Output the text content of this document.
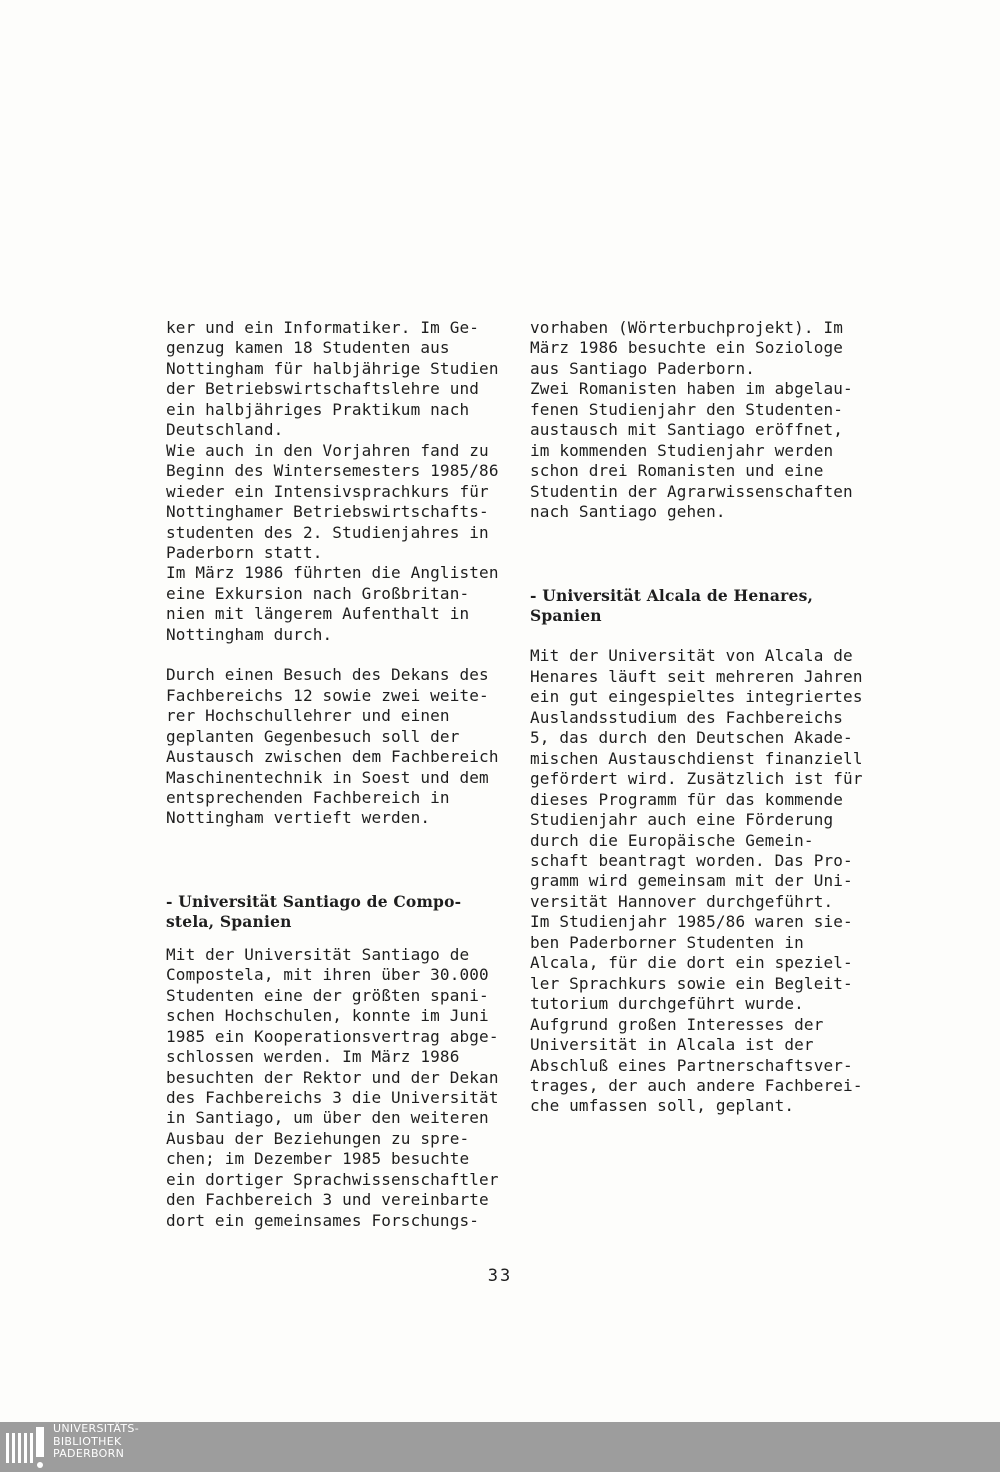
ker und ein Informatiker. Im Ge-
genzug kamen 18 Studenten aus
Nottingham für halbjährige Studien
der Betriebswirtschaftslehre und
ein halbjähriges Praktikum nach
Deutschland.
Wie auch in den Vorjahren fand zu
Beginn des Wintersemesters 1985/86
wieder ein Intensivsprachkurs für
Nottinghamer Betriebswirtschafts-
studenten des 2. Studienjahres in
Paderborn statt.
Im März 1986 führten die Anglisten
eine Exkursion nach Großbritan-
nien mit längerem Aufenthalt in
Nottingham durch.
Durch einen Besuch des Dekans des
Fachbereichs 12 sowie zwei weite-
rer Hochschullehrer und einen
geplanten Gegenbesuch soll der
Austausch zwischen dem Fachbereich
Maschinentechnik in Soest und dem
entsprechenden Fachbereich in
Nottingham vertieft werden.
- Universität Santiago de Compo-
stela, Spanien
Mit der Universität Santiago de
Compostela, mit ihren über 30.000
Studenten eine der größten spani-
schen Hochschulen, konnte im Juni
1985 ein Kooperationsvertrag abge-
schlossen werden. Im März 1986
besuchten der Rektor und der Dekan
des Fachbereichs 3 die Universität
in Santiago, um über den weiteren
Ausbau der Beziehungen zu spre-
chen; im Dezember 1985 besuchte
ein dortiger Sprachwissenschaftler
den Fachbereich 3 und vereinbarte
dort ein gemeinsames Forschungs-
vorhaben (Wörterbuchprojekt). Im
März 1986 besuchte ein Soziologe
aus Santiago Paderborn.
Zwei Romanisten haben im abgelau-
fenen Studienjahr den Studenten-
austausch mit Santiago eröffnet,
im kommenden Studienjahr werden
schon drei Romanisten und eine
Studentin der Agrarwissenschaften
nach Santiago gehen.
- Universität Alcala de Henares,
Spanien
Mit der Universität von Alcala de
Henares läuft seit mehreren Jahren
ein gut eingespieltes integriertes
Auslandsstudium des Fachbereichs
5, das durch den Deutschen Akade-
mischen Austauschdienst finanziell
gefördert wird. Zusätzlich ist für
dieses Programm für das kommende
Studienjahr auch eine Förderung
durch die Europäische Gemein-
schaft beantragt worden. Das Pro-
gramm wird gemeinsam mit der Uni-
versität Hannover durchgeführt.
Im Studienjahr 1985/86 waren sie-
ben Paderborner Studenten in
Alcala, für die dort ein speziel-
ler Sprachkurs sowie ein Begleit-
tutorium durchgeführt wurde.
Aufgrund großen Interesses der
Universität in Alcala ist der
Abschluß eines Partnerschaftsver-
trages, der auch andere Fachberei-
che umfassen soll, geplant.
33
UNIVERSITÄTS-
BIBLIOTHEK
PADERBORN
